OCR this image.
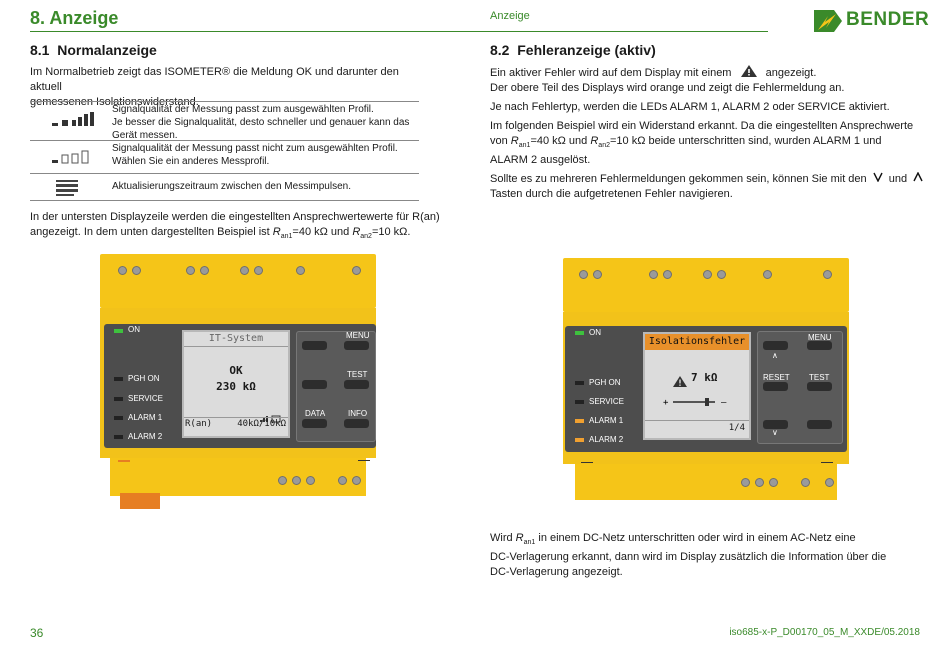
8. Anzeige	Anzeige	BENDER
8.1 Normalanzeige

Im Normalbetrieb zeigt das ISOMETER® die Meldung OK und darunter den aktuell

gemessenen Isolationswiderstand.

Signalqualität der Messung passt zum ausgewählten Profil.
Je besser die Signalqualität, desto schneller und genauer kann das
Gerät messen.
Signalqualität der Messung passt nicht zum ausgewählten Profil.
Wählen Sie ein anderes Messprofil.
Aktualisierungszeitraum zwischen den Messimpulsen.

In der untersten Displayzeile werden die eingestellten Ansprechwertewerte für R(an)

angezeigt. In dem unten dargestellten Beispiel ist $R_{an1}=40$ kΩ und $R_{an2}=10$ kΩ.

ON
PGH ON
SERVICE
ALARM 1
ALARM 2
IT-System
OK
230 kΩ
R(an)	40kΩ/10kΩ
MENU
TEST
DATA	INFO
8.2 Fehleranzeige (aktiv)

Ein aktiver Fehler wird auf dem Display mit einem	angezeigt.

Der obere Teil des Displays wird orange und zeigt die Fehlermeldung an.

Je nach Fehlertyp, werden die LEDs ALARM 1, ALARM 2 oder SERVICE aktiviert.

Im folgenden Beispiel wird ein Widerstand erkannt. Da die eingestellten Ansprechwerte

von $R_{an1}=40$ kΩ und $R_{an2}=10$ kΩ beide unterschritten sind, wurden ALARM 1 und

ALARM 2 ausgelöst.

Sollte es zu mehreren Fehlermeldungen gekommen sein, können Sie mit den und

Tasten durch die aufgetretenen Fehler navigieren.

ON
PGH ON
SERVICE
ALARM 1
ALARM 2
Isolationsfehler
7 kΩ
+	–
1/4
∧
MENU
RESET TEST
∨

Wird $R_{an1}$ in einem DC-Netz unterschritten oder wird in einem AC-Netz eine

DC-Verlagerung erkannt, dann wird im Display zusätzlich die Information über die

DC-Verlagerung angezeigt.

36	iso685-x-P_D00170_05_M_XXDE/05.2018
